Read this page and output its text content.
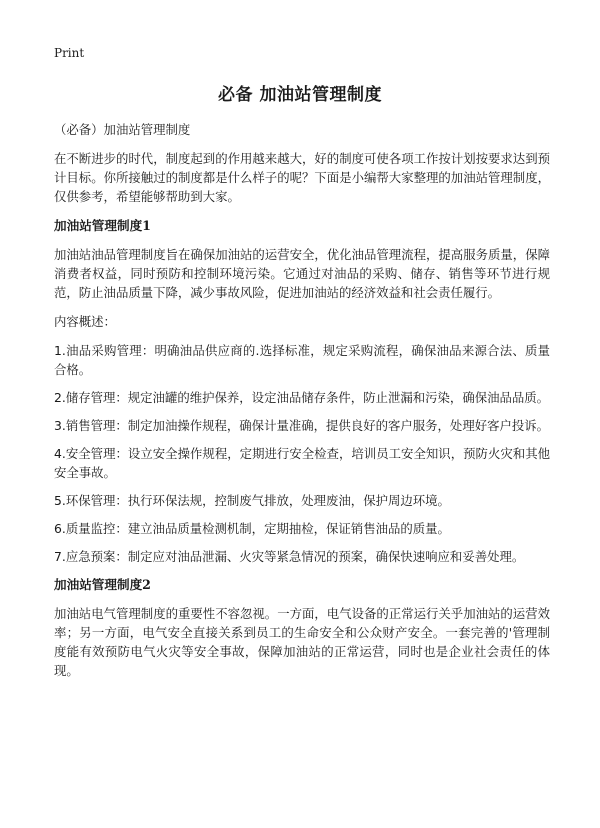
Print
必备 加油站管理制度

（必备）加油站管理制度

在不断进步的时代，制度起到的作用越来越大，好的制度可使各项工作按计划按要求达到预计目标。你所接触过的制度都是什么样子的呢？下面是小编帮大家整理的加油站管理制度，仅供参考，希望能够帮助到大家。

加油站管理制度1

加油站油品管理制度旨在确保加油站的运营安全，优化油品管理流程，提高服务质量，保障消费者权益，同时预防和控制环境污染。它通过对油品的采购、储存、销售等环节进行规范，防止油品质量下降，减少事故风险，促进加油站的经济效益和社会责任履行。

内容概述：

1.油品采购管理：明确油品供应商的.选择标准，规定采购流程，确保油品来源合法、质量合格。

2.储存管理：规定油罐的维护保养，设定油品储存条件，防止泄漏和污染，确保油品品质。

3.销售管理：制定加油操作规程，确保计量准确，提供良好的客户服务，处理好客户投诉。

4.安全管理：设立安全操作规程，定期进行安全检查，培训员工安全知识，预防火灾和其他安全事故。

5.环保管理：执行环保法规，控制废气排放，处理废油，保护周边环境。

6.质量监控：建立油品质量检测机制，定期抽检，保证销售油品的质量。

7.应急预案：制定应对油品泄漏、火灾等紧急情况的预案，确保快速响应和妥善处理。

加油站管理制度2

加油站电气管理制度的重要性不容忽视。一方面，电气设备的正常运行关乎加油站的运营效率；另一方面，电气安全直接关系到员工的生命安全和公众财产安全。一套完善的'管理制度能有效预防电气火灾等安全事故，保障加油站的正常运营，同时也是企业社会责任的体现。
